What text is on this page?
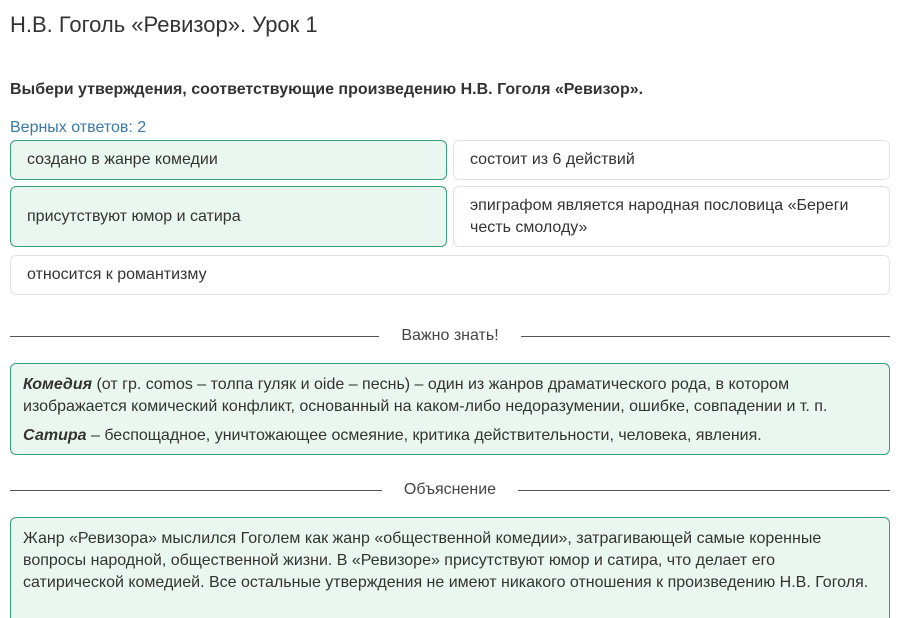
Н.В. Гоголь «Ревизор». Урок 1
Выбери утверждения, соответствующие произведению Н.В. Гоголя «Ревизор».
Верных ответов: 2
создано в жанре комедии	состоит из 6 действий
присутствуют юмор и сатира
эпиграфом является народная пословица «Береги честь смолоду»
относится к романтизму
Важно знать!

Комедия (от гр. comos – толпа гуляк и oide – песнь) – один из жанров драматического рода, в котором изображается комический конфликт, основанный на каком-либо недоразумении, ошибке, совпадении и т. п.

Сатира – беспощадное, уничтожающее осмеяние, критика действительности, человека, явления.

Объяснение

Жанр «Ревизора» мыслился Гоголем как жанр «общественной комедии», затрагивающей самые коренные вопросы народной, общественной жизни. В «Ревизоре» присутствуют юмор и сатира, что делает его сатирической комедией. Все остальные утверждения не имеют никакого отношения к произведению Н.В. Гоголя.
